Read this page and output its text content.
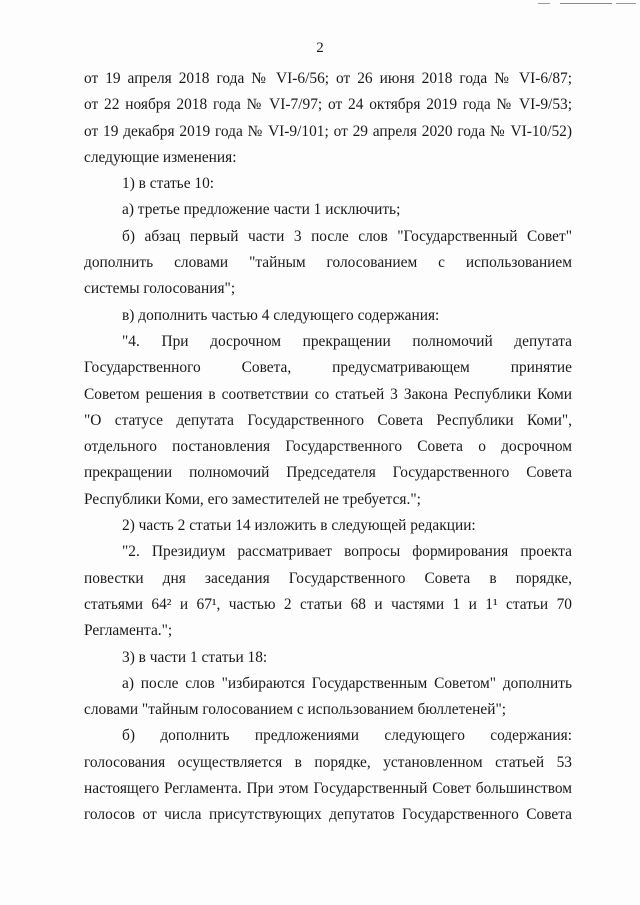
2
от 19 апреля 2018 года № VI-6/56; от 26 июня 2018 года № VI-6/87;
от 22 ноября 2018 года № VI-7/97; от 24 октября 2019 года № VI-9/53;
от 19 декабря 2019 года № VI-9/101; от 29 апреля 2020 года № VI-10/52)
следующие изменения:
1) в статье 10:
а) третье предложение части 1 исключить;
б) абзац первый части 3 после слов "Государственный Совет"
дополнить словами "тайным голосованием с использованием
системы голосования";
в) дополнить частью 4 следующего содержания:
"4. При досрочном прекращении полномочий депутата
Государственного Совета, предусматривающем принятие
Советом решения в соответствии со статьей 3 Закона Республики Коми
"О статусе депутата Государственного Совета Республики Коми",
отдельного постановления Государственного Совета о досрочном
прекращении полномочий Председателя Государственного Совета
Республики Коми, его заместителей не требуется.";
2) часть 2 статьи 14 изложить в следующей редакции:
"2. Президиум рассматривает вопросы формирования проекта
повестки дня заседания Государственного Совета в порядке,
статьями 64² и 67¹, частью 2 статьи 68 и частями 1 и 1¹ статьи 70
Регламента.";
3) в части 1 статьи 18:
а) после слов "избираются Государственным Советом" дополнить
словами "тайным голосованием с использованием бюллетеней";
б) дополнить предложениями следующего содержания:
голосования осуществляется в порядке, установленном статьей 53
настоящего Регламента. При этом Государственный Совет большинством
голосов от числа присутствующих депутатов Государственного Совета
